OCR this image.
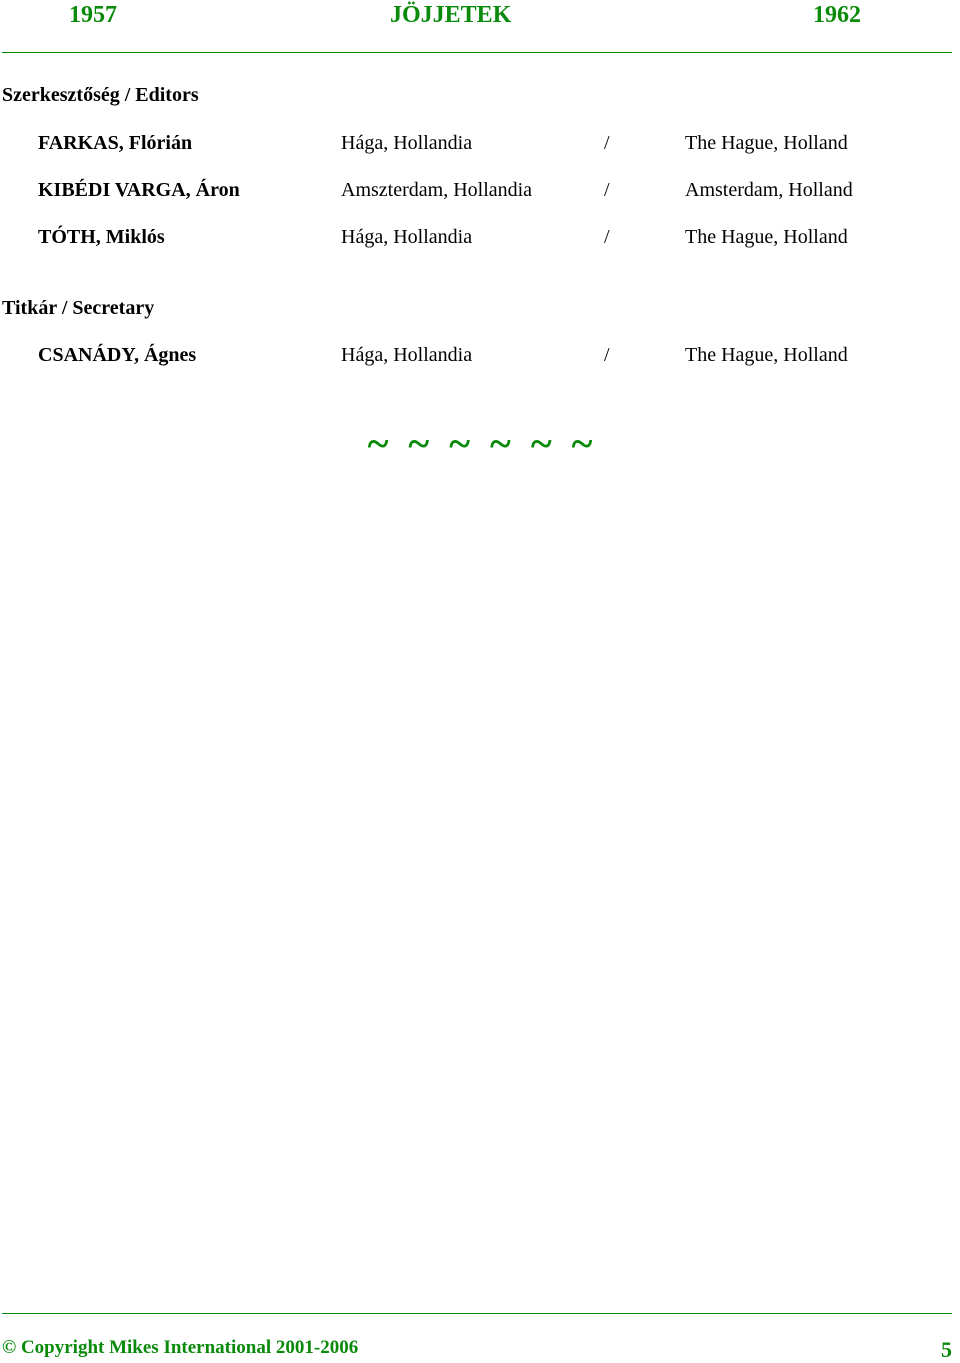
1957	JÖJJETEK	1962
Szerkesztőség / Editors
FARKAS, Flórián	Hága, Hollandia	/	The Hague, Holland
KIBÉDI VARGA, Áron	Amszterdam, Hollandia	/	Amsterdam, Holland
TÓTH, Miklós	Hága, Hollandia	/	The Hague, Holland
Titkár / Secretary
CSANÁDY, Ágnes	Hága, Hollandia	/	The Hague, Holland
~ ~ ~ ~ ~ ~
© Copyright Mikes International 2001-2006	5
